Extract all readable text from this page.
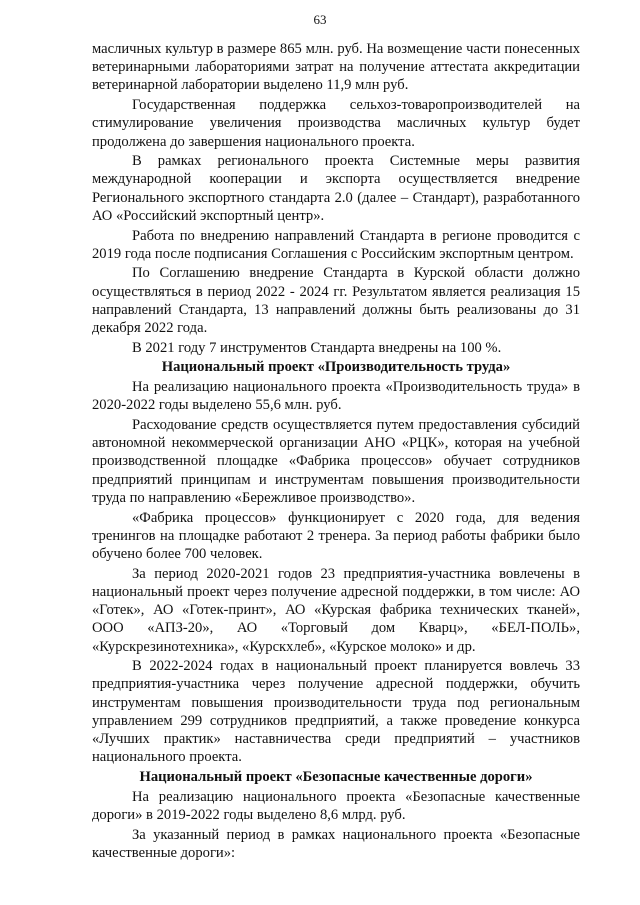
63

масличных культур в размере 865 млн. руб. На возмещение части понесенных ветеринарными лабораториями затрат на получение аттестата аккредитации ветеринарной лаборатории выделено 11,9 млн руб.

Государственная поддержка сельхоз-товаропроизводителей на стимулирование увеличения производства масличных культур будет продолжена до завершения национального проекта.

В рамках регионального проекта Системные меры развития международной кооперации и экспорта осуществляется внедрение Регионального экспортного стандарта 2.0 (далее – Стандарт), разработанного АО «Российский экспортный центр».

Работа по внедрению направлений Стандарта в регионе проводится с 2019 года после подписания Соглашения с Российским экспортным центром.

По Соглашению внедрение Стандарта в Курской области должно осуществляться в период 2022 - 2024 гг. Результатом является реализация 15 направлений Стандарта, 13 направлений должны быть реализованы до 31 декабря 2022 года.

В 2021 году 7 инструментов Стандарта внедрены на 100 %.

Национальный проект «Производительность труда»

На реализацию национального проекта «Производительность труда» в 2020-2022 годы выделено 55,6 млн. руб.

Расходование средств осуществляется путем предоставления субсидий автономной некоммерческой организации АНО «РЦК», которая на учебной производственной площадке «Фабрика процессов» обучает сотрудников предприятий принципам и инструментам повышения производительности труда по направлению «Бережливое производство».

«Фабрика процессов» функционирует с 2020 года, для ведения тренингов на площадке работают 2 тренера. За период работы фабрики было обучено более 700 человек.

За период 2020-2021 годов 23 предприятия-участника вовлечены в национальный проект через получение адресной поддержки, в том числе: АО «Готек», АО «Готек-принт», АО «Курская фабрика технических тканей», ООО «АПЗ-20», АО «Торговый дом Кварц», «БЕЛ-ПОЛЬ», «Курскрезинотехника», «Курскхлеб», «Курское молоко» и др.

В 2022-2024 годах в национальный проект планируется вовлечь 33 предприятия-участника через получение адресной поддержки, обучить инструментам повышения производительности труда под региональным управлением 299 сотрудников предприятий, а также проведение конкурса «Лучших практик» наставничества среди предприятий – участников национального проекта.

Национальный проект «Безопасные качественные дороги»

На реализацию национального проекта «Безопасные качественные дороги» в 2019-2022 годы выделено 8,6 млрд. руб.

За указанный период в рамках национального проекта «Безопасные качественные дороги»:
